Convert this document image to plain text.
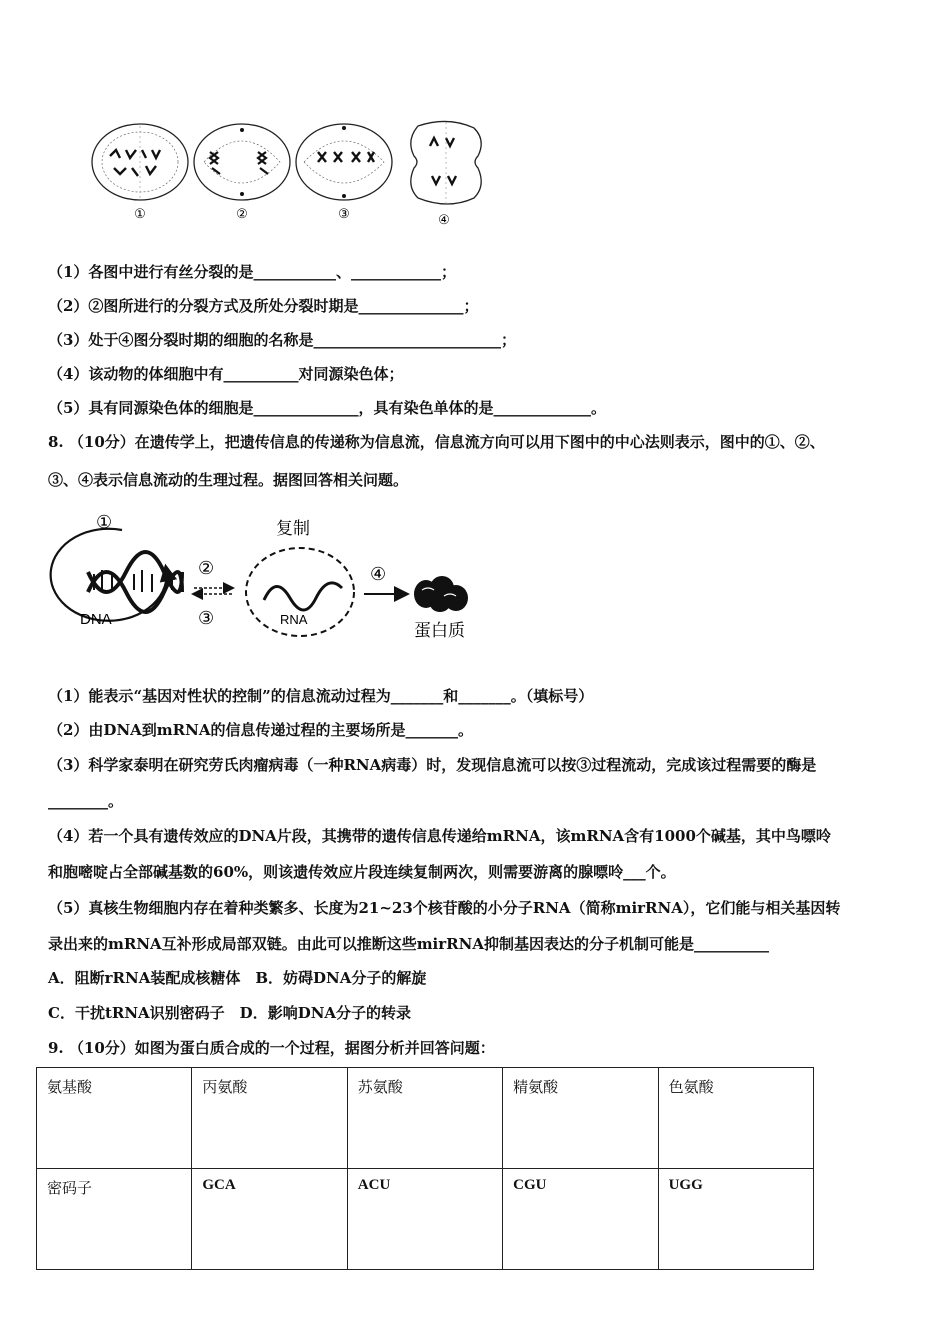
①	②	③	④
（1）各图中进行有丝分裂的是___________、____________；
（2）②图所进行的分裂方式及所处分裂时期是______________；
（3）处于④图分裂时期的细胞的名称是_________________________；
（4）该动物的体细胞中有__________对同源染色体；
（5）具有同源染色体的细胞是______________，具有染色单体的是_____________。
8. （10分）在遗传学上，把遗传信息的传递称为信息流，信息流方向可以用下图中的中心法则表示，图中的①、②、
③、④表示信息流动的生理过程。据图回答相关问题。
①
DNA
②
③
复制
RNA
④
蛋白质
（1）能表示“基因对性状的控制”的信息流动过程为_______和_______。（填标号）
（2）由DNA到mRNA的信息传递过程的主要场所是_______。
（3）科学家泰明在研究劳氏肉瘤病毒（一种RNA病毒）时，发现信息流可以按③过程流动，完成该过程需要的酶是
________。
（4）若一个具有遗传效应的DNA片段，其携带的遗传信息传递给mRNA，该mRNA含有1000个碱基，其中鸟嘌呤
和胞嘧啶占全部碱基数的60%，则该遗传效应片段连续复制两次，则需要游离的腺嘌呤___个。
（5）真核生物细胞内存在着种类繁多、长度为21~23个核苷酸的小分子RNA（简称mirRNA），它们能与相关基因转
录出来的mRNA互补形成局部双链。由此可以推断这些mirRNA抑制基因表达的分子机制可能是__________
A．阻断rRNA装配成核糖体　B．妨碍DNA分子的解旋
C．干扰tRNA识别密码子　D．影响DNA分子的转录
9. （10分）如图为蛋白质合成的一个过程，据图分析并回答问题：
氨基酸	丙氨酸	苏氨酸	精氨酸	色氨酸
密码子	GCA	ACU	CGU	UGG
